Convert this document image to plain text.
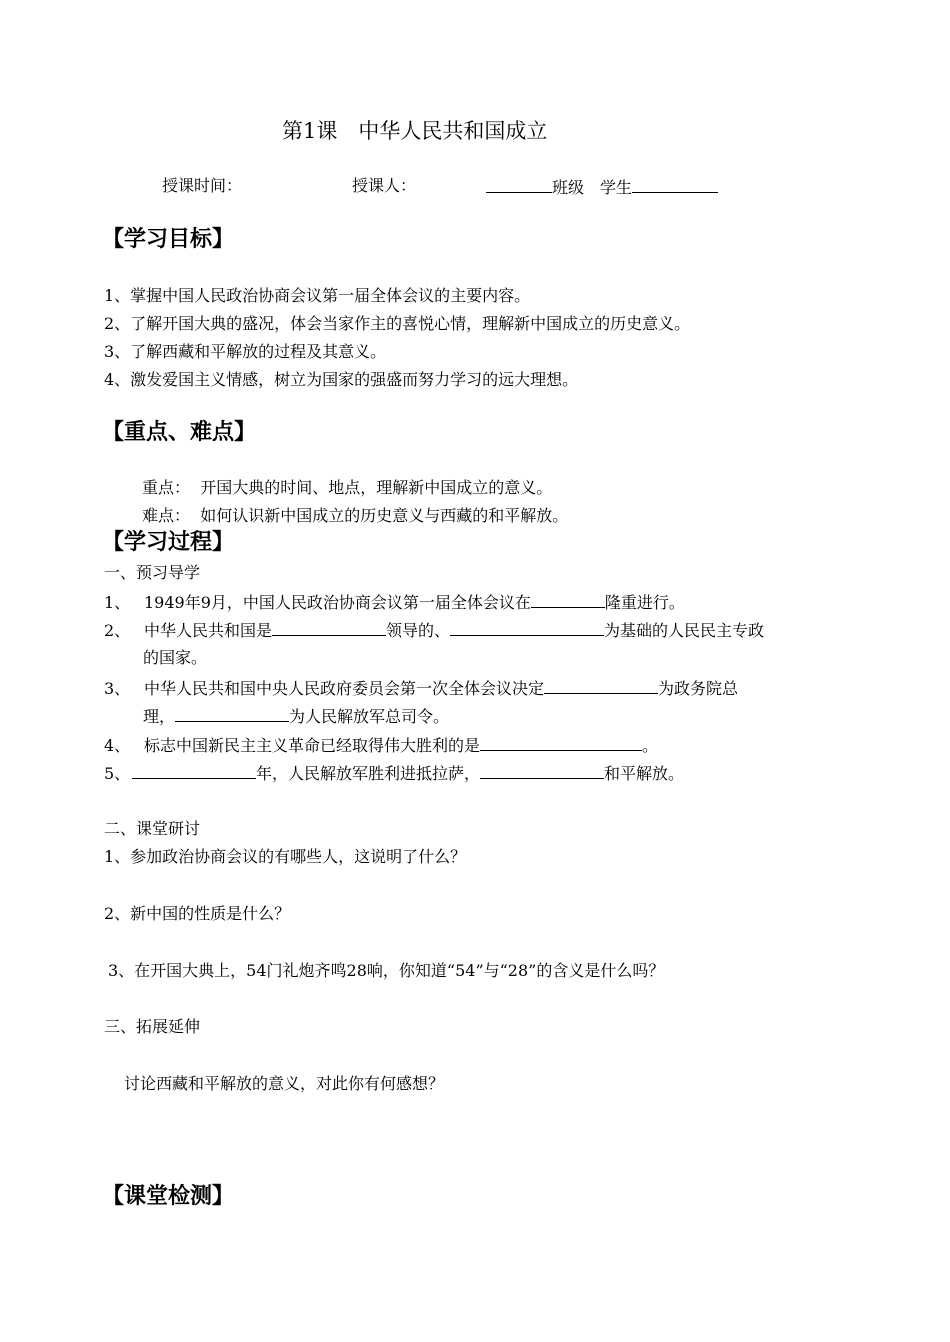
第1课　中华人民共和国成立
授课时间：	授课人：	班级　 学生
【学习目标】
1、掌握中国人民政治协商会议第一届全体会议的主要内容。
2、了解开国大典的盛况，体会当家作主的喜悦心情，理解新中国成立的历史意义。
3、了解西藏和平解放的过程及其意义。
4、激发爱国主义情感，树立为国家的强盛而努力学习的远大理想。
【重点、难点】
重点： 开国大典的时间、地点，理解新中国成立的意义。
难点： 如何认识新中国成立的历史意义与西藏的和平解放。
【学习过程】
一、预习导学
1、 1949年9月，中国人民政治协商会议第一届全体会议在	隆重进行。
2、 中华人民共和国是	领导的、	为基础的人民民主专政
的国家。
3、 中华人民共和国中央人民政府委员会第一次全体会议决定	为政务院总
理，	为人民解放军总司令。
4、 标志中国新民主主义革命已经取得伟大胜利的是	。
5、	年，人民解放军胜利进抵拉萨，	和平解放。
二、课堂研讨
1、参加政治协商会议的有哪些人，这说明了什么？
2、新中国的性质是什么？
3、在开国大典上，54门礼炮齐鸣28响，你知道“54”与“28”的含义是什么吗？
三、拓展延伸
讨论西藏和平解放的意义，对此你有何感想？
【课堂检测】
